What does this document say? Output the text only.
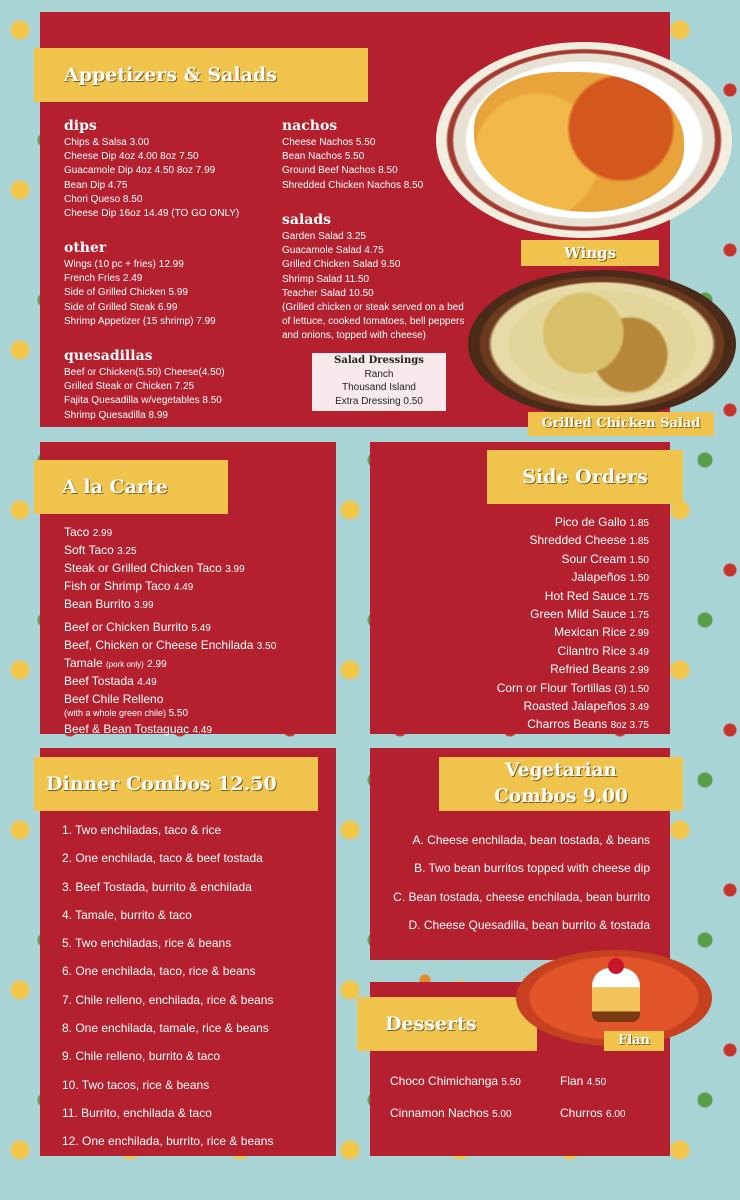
dips
Chips & Salsa 3.00
Cheese Dip 4oz 4.00 8oz 7.50
Guacamole Dip 4oz 4.50 8oz 7.99
Bean Dip 4.75
Chori Queso 8.50
Cheese Dip 16oz 14.49 (TO GO ONLY)
other
Wings (10 pc + fries) 12.99
French Fries 2.49
Side of Grilled Chicken 5.99
Side of Grilled Steak 6.99
Shrimp Appetizer (15 shrimp) 7.99
quesadillas
Beef or Chicken(5.50) Cheese(4.50)
Grilled Steak or Chicken 7.25
Fajita Quesadilla w/vegetables 8.50
Shrimp Quesadilla 8.99
nachos
Cheese Nachos 5.50
Bean Nachos 5.50
Ground Beef Nachos 8.50
Shredded Chicken Nachos 8.50
salads
Garden Salad 3.25
Guacamole Salad 4.75
Grilled Chicken Salad 9.50
Shrimp Salad 11.50
Teacher Salad 10.50
(Grilled chicken or steak served on a bed
of lettuce, cooked tomatoes, bell peppers
and onions, topped with cheese)
Salad Dressings
Ranch
Thousand Island
Extra Dressing 0.50
Appetizers & Salads
Wings
Grilled Chicken Salad
Taco 2.99
Soft Taco 3.25
Steak or Grilled Chicken Taco 3.99
Fish or Shrimp Taco 4.49
Bean Burrito 3.99
Beef or Chicken Burrito 5.49
Beef, Chicken or Cheese Enchilada 3.50
Tamale (pork only) 2.99
Beef Tostada 4.49
Beef Chile Relleno
(with a whole green chile) 5.50
Beef & Bean Tostaguac 4.49
A la Carte
Pico de Gallo 1.85
Shredded Cheese 1.85
Sour Cream 1.50
Jalapeños 1.50
Hot Red Sauce 1.75
Green Mild Sauce 1.75
Mexican Rice 2.99
Cilantro Rice 3.49
Refried Beans 2.99
Corn or Flour Tortillas (3) 1.50
Roasted Jalapeños 3.49
Charros Beans 8oz 3.75
Side Orders
1. Two enchiladas, taco & rice
2. One enchilada, taco & beef tostada
3. Beef Tostada, burrito & enchilada
4. Tamale, burrito & taco
5. Two enchiladas, rice & beans
6. One enchilada, taco, rice & beans
7. Chile relleno, enchilada, rice & beans
8. One enchilada, tamale, rice & beans
9. Chile relleno, burrito & taco
10. Two tacos, rice & beans
11. Burrito, enchilada & taco
12. One enchilada, burrito, rice & beans
Dinner Combos 12.50
A. Cheese enchilada, bean tostada, & beans
B. Two bean burritos topped with cheese dip
C. Bean tostada, cheese enchilada, bean burrito
D. Cheese Quesadilla, bean burrito & tostada
Vegetarian
Combos 9.00
Choco Chimichanga 5.50	Flan 4.50
Cinnamon Nachos 5.00	Churros 6.00
Desserts
Flan
